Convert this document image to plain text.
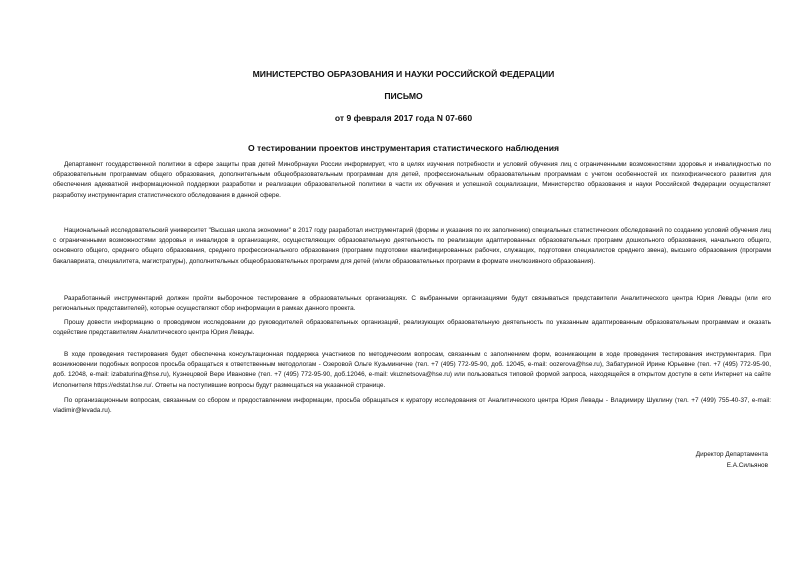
МИНИСТЕРСТВО ОБРАЗОВАНИЯ И НАУКИ РОССИЙСКОЙ ФЕДЕРАЦИИ
ПИСЬМО
от 9 февраля 2017 года N 07-660
О тестировании проектов инструментария статистического наблюдения

Департамент государственной политики в сфере защиты прав детей Минобрнауки России информирует, что в целях изучения потребности и условий обучения лиц с ограниченными возможностями здоровья и инвалидностью по образовательным программам общего образования, дополнительным общеобразовательным программам для детей, профессиональным образовательным программам с учетом особенностей их психофизического развития для обеспечения адекватной информационной поддержки разработки и реализации образовательной политики в части их обучения и успешной социализации, Министерство образования и науки Российской Федерации осуществляет разработку инструментария статистического обследования в данной сфере.

Национальный исследовательский университет "Высшая школа экономики" в 2017 году разработал инструментарий (формы и указания по их заполнению) специальных статистических обследований по созданию условий обучения лиц с ограниченными возможностями здоровья и инвалидов в организациях, осуществляющих образовательную деятельность по реализации адаптированных образовательных программ дошкольного образования, начального общего, основного общего, среднего общего образования, среднего профессионального образования (программ подготовки квалифицированных рабочих, служащих, подготовки специалистов среднего звена), высшего образования (программ бакалавриата, специалитета, магистратуры), дополнительных общеобразовательных программ для детей (и/или образовательных программ в формате инклюзивного образования).

Разработанный инструментарий должен пройти выборочное тестирование в образовательных организациях. С выбранными организациями будут связываться представители Аналитического центра Юрия Левады (или его региональных представителей), которые осуществляют сбор информации в рамках данного проекта.

Прошу довести информацию о проводимом исследовании до руководителей образовательных организаций, реализующих образовательную деятельность по указанным адаптированным образовательным программам и оказать содействие представителям Аналитического центра Юрия Левады.

В ходе проведения тестирования будет обеспечена консультационная поддержка участников по методическим вопросам, связанным с заполнением форм, возникающим в ходе проведения тестирования инструментария. При возникновении подобных вопросов просьба обращаться к ответственным методологам - Озеровой Ольге Кузьминичне (тел. +7 (495) 772-95-90, доб. 12045, e-mail: oozerova@hse.ru), Забатуриной Ирине Юрьевне (тел. +7 (495) 772-95-90, доб. 12048, e-mail: izabaturina@hse.ru), Кузнецовой Вере Ивановне (тел. +7 (495) 772-95-90, доб.12046, e-mail: vkuznetsova@hse.ru) или пользоваться типовой формой запроса, находящейся в открытом доступе в сети Интернет на сайте Исполнителя https://edstat.hse.ru/. Ответы на поступившие вопросы будут размещаться на указанной странице.

По организационным вопросам, связанным со сбором и предоставлением информации, просьба обращаться к куратору исследования от Аналитического центра Юрия Левады - Владимиру Шуклину (тел. +7 (499) 755-40-37, e-mail: vladimir@levada.ru).

Директор Департамента
Е.А.Сильянов
